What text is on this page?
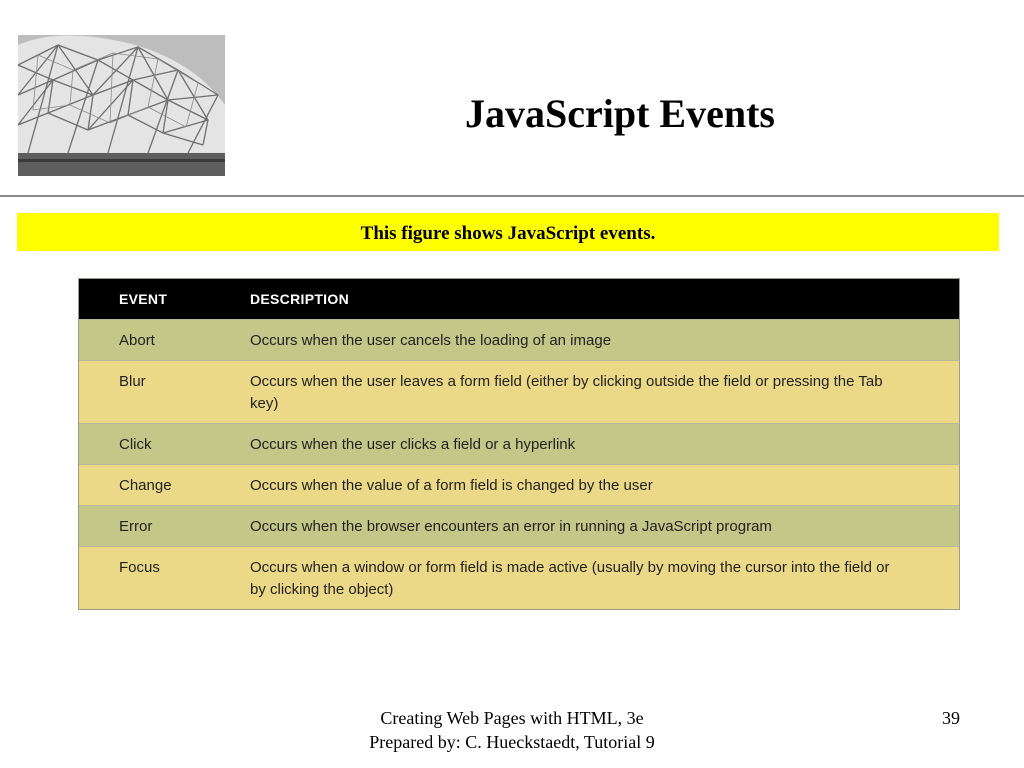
JavaScript Events
This figure shows JavaScript events.
EVENT	DESCRIPTION
Abort	Occurs when the user cancels the loading of an image
Blur	Occurs when the user leaves a form field (either by clicking outside the field or pressing the Tab key)
Click	Occurs when the user clicks a field or a hyperlink
Change	Occurs when the value of a form field is changed by the user
Error	Occurs when the browser encounters an error in running a JavaScript program
Focus	Occurs when a window or form field is made active (usually by moving the cursor into the field or by clicking the object)
Creating Web Pages with HTML, 3e
Prepared by: C. Hueckstaedt, Tutorial 9
39
